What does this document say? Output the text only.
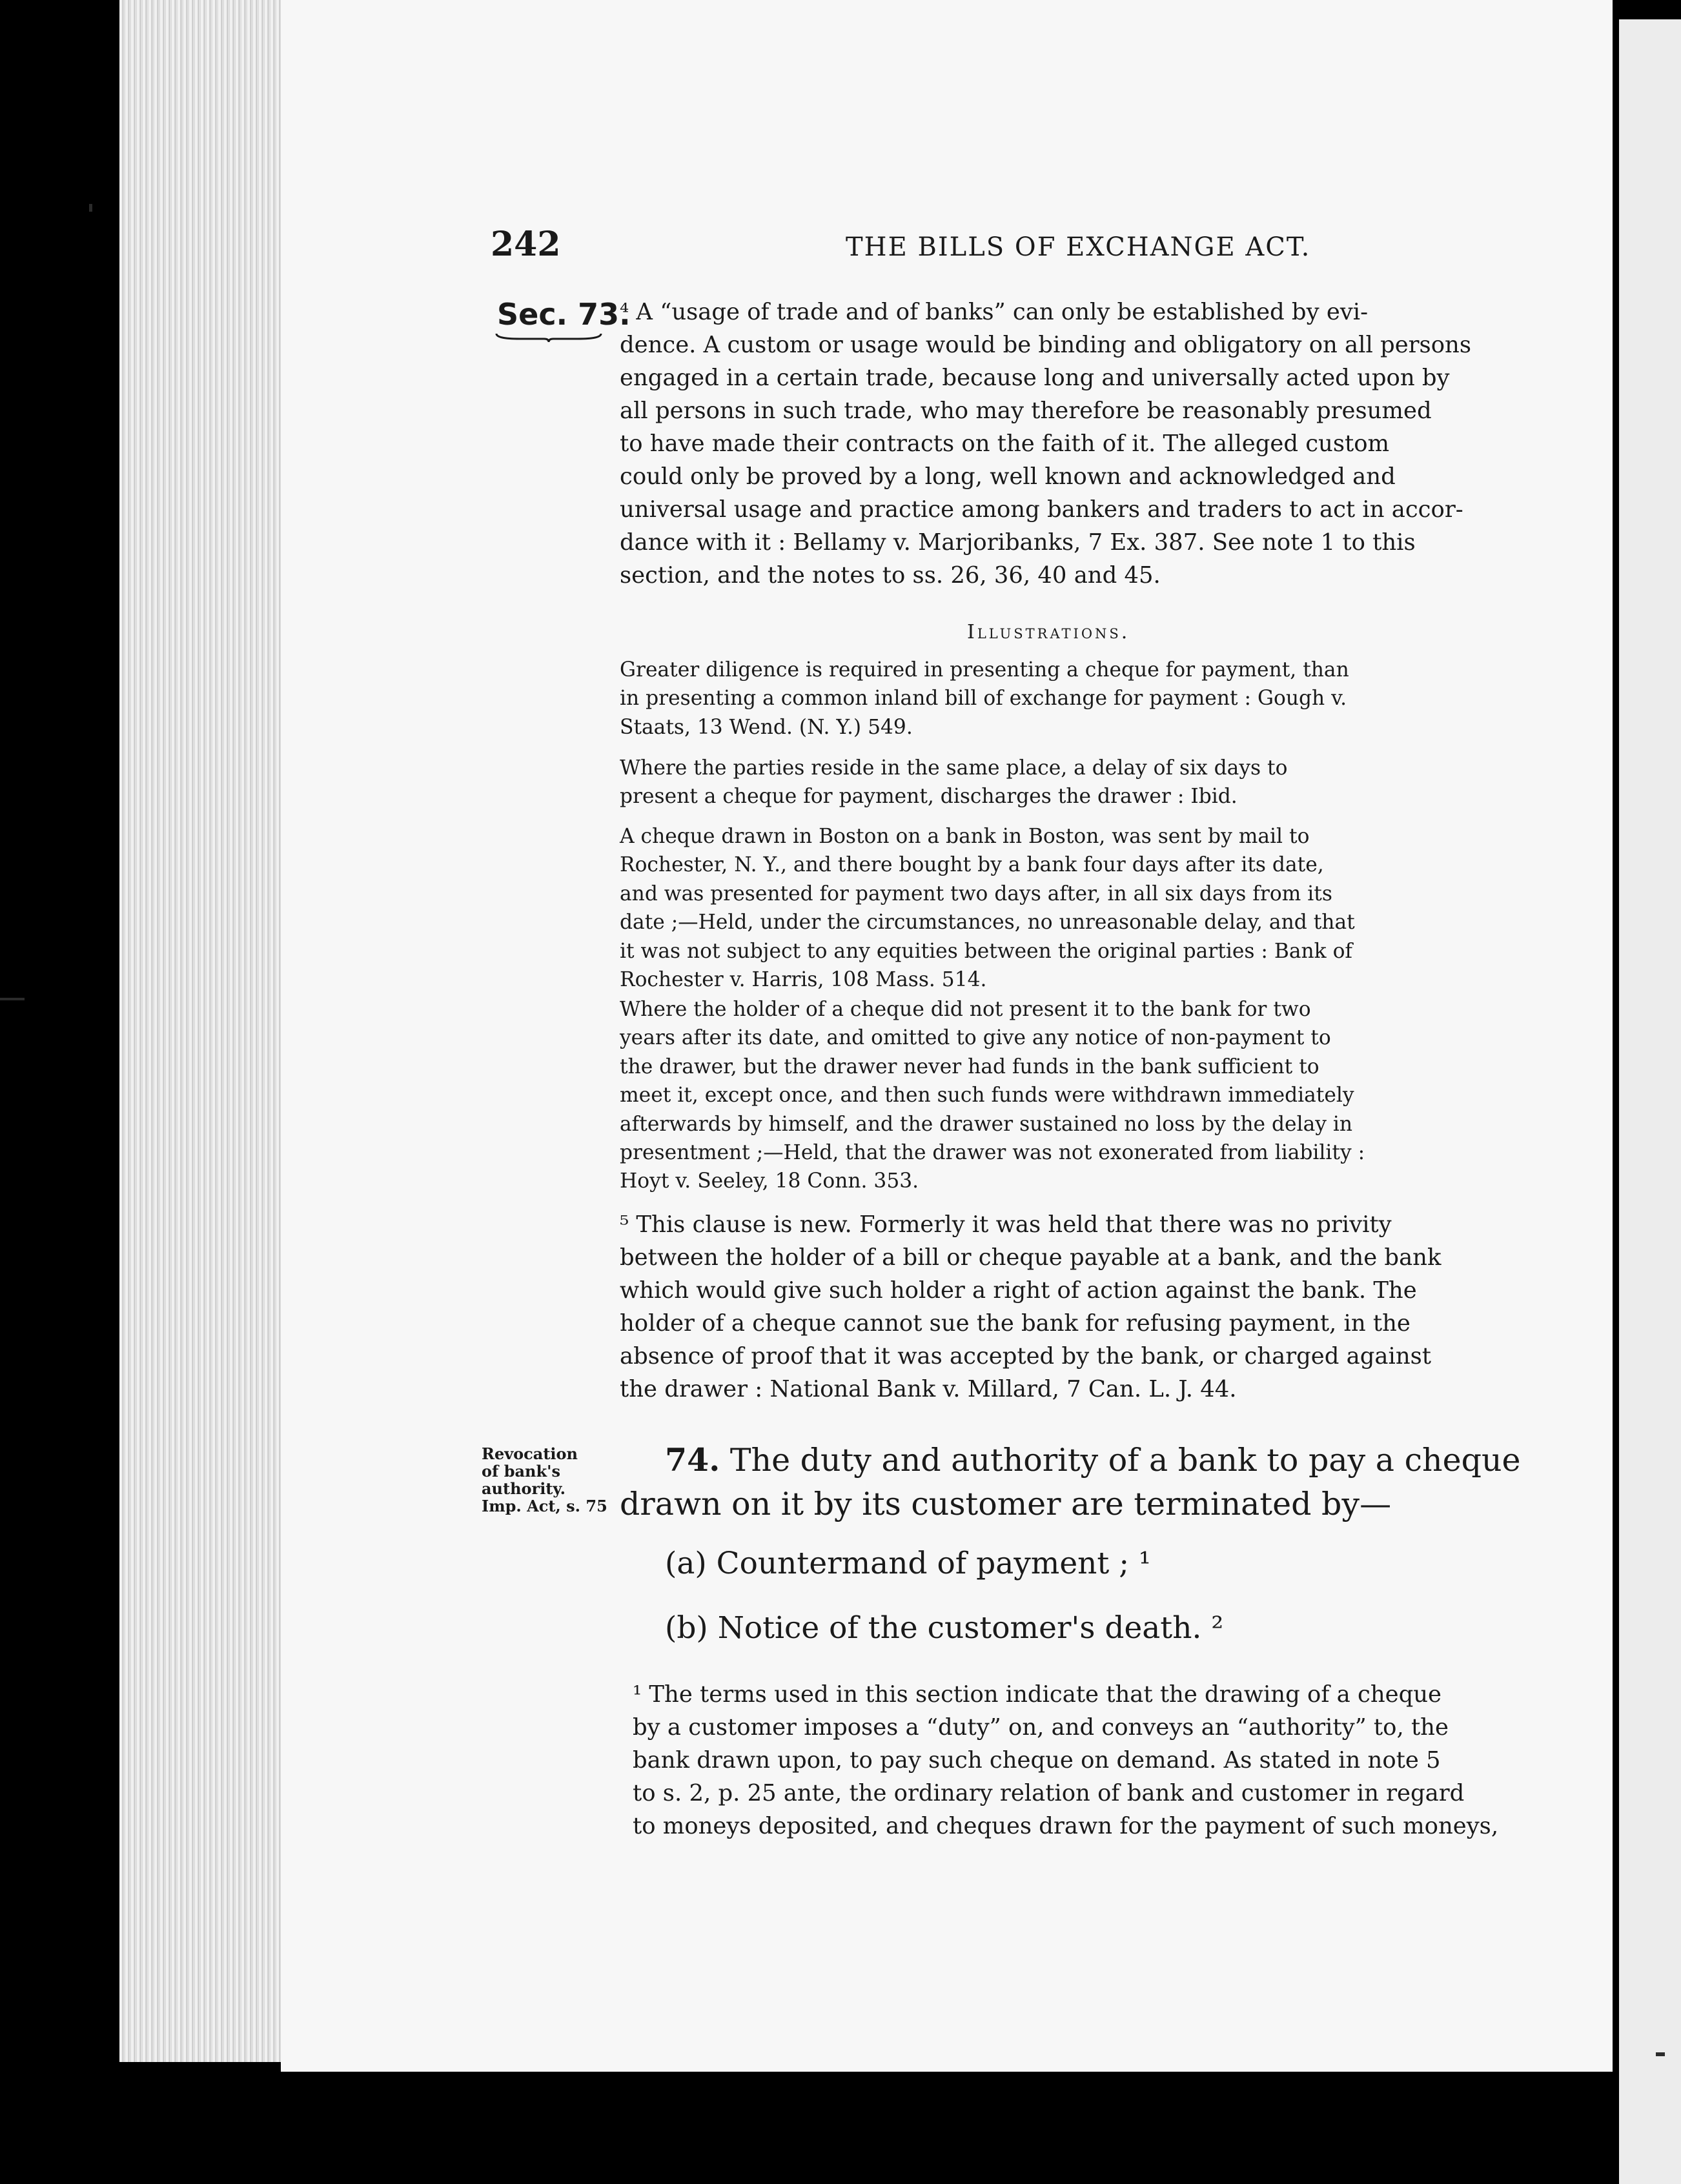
242	THE BILLS OF EXCHANGE ACT.
Sec. 73.
⁴ A “usage of trade and of banks” can only be established by evi-
dence. A custom or usage would be binding and obligatory on all persons
engaged in a certain trade, because long and universally acted upon by
all persons in such trade, who may therefore be reasonably presumed
to have made their contracts on the faith of it. The alleged custom
could only be proved by a long, well known and acknowledged and
universal usage and practice among bankers and traders to act in accor-
dance with it : Bellamy v. Marjoribanks, 7 Ex. 387. See note 1 to this
section, and the notes to ss. 26, 36, 40 and 45.
Illustrations.
Greater diligence is required in presenting a cheque for payment, than
in presenting a common inland bill of exchange for payment : Gough v.
Staats, 13 Wend. (N. Y.) 549.
Where the parties reside in the same place, a delay of six days to
present a cheque for payment, discharges the drawer : Ibid.
A cheque drawn in Boston on a bank in Boston, was sent by mail to
Rochester, N. Y., and there bought by a bank four days after its date,
and was presented for payment two days after, in all six days from its
date ;—Held, under the circumstances, no unreasonable delay, and that
it was not subject to any equities between the original parties : Bank of
Rochester v. Harris, 108 Mass. 514.
Where the holder of a cheque did not present it to the bank for two
years after its date, and omitted to give any notice of non-payment to
the drawer, but the drawer never had funds in the bank sufficient to
meet it, except once, and then such funds were withdrawn immediately
afterwards by himself, and the drawer sustained no loss by the delay in
presentment ;—Held, that the drawer was not exonerated from liability :
Hoyt v. Seeley, 18 Conn. 353.
⁵ This clause is new. Formerly it was held that there was no privity
between the holder of a bill or cheque payable at a bank, and the bank
which would give such holder a right of action against the bank. The
holder of a cheque cannot sue the bank for refusing payment, in the
absence of proof that it was accepted by the bank, or charged against
the drawer : National Bank v. Millard, 7 Can. L. J. 44.
Revocation
of bank's
authority.
Imp. Act, s. 75
74. The duty and authority of a bank to pay a cheque
drawn on it by its customer are terminated by—
(a) Countermand of payment ; ¹
(b) Notice of the customer's death. ²
¹ The terms used in this section indicate that the drawing of a cheque
by a customer imposes a “duty” on, and conveys an “authority” to, the
bank drawn upon, to pay such cheque on demand. As stated in note 5
to s. 2, p. 25 ante, the ordinary relation of bank and customer in regard
to moneys deposited, and cheques drawn for the payment of such moneys,
